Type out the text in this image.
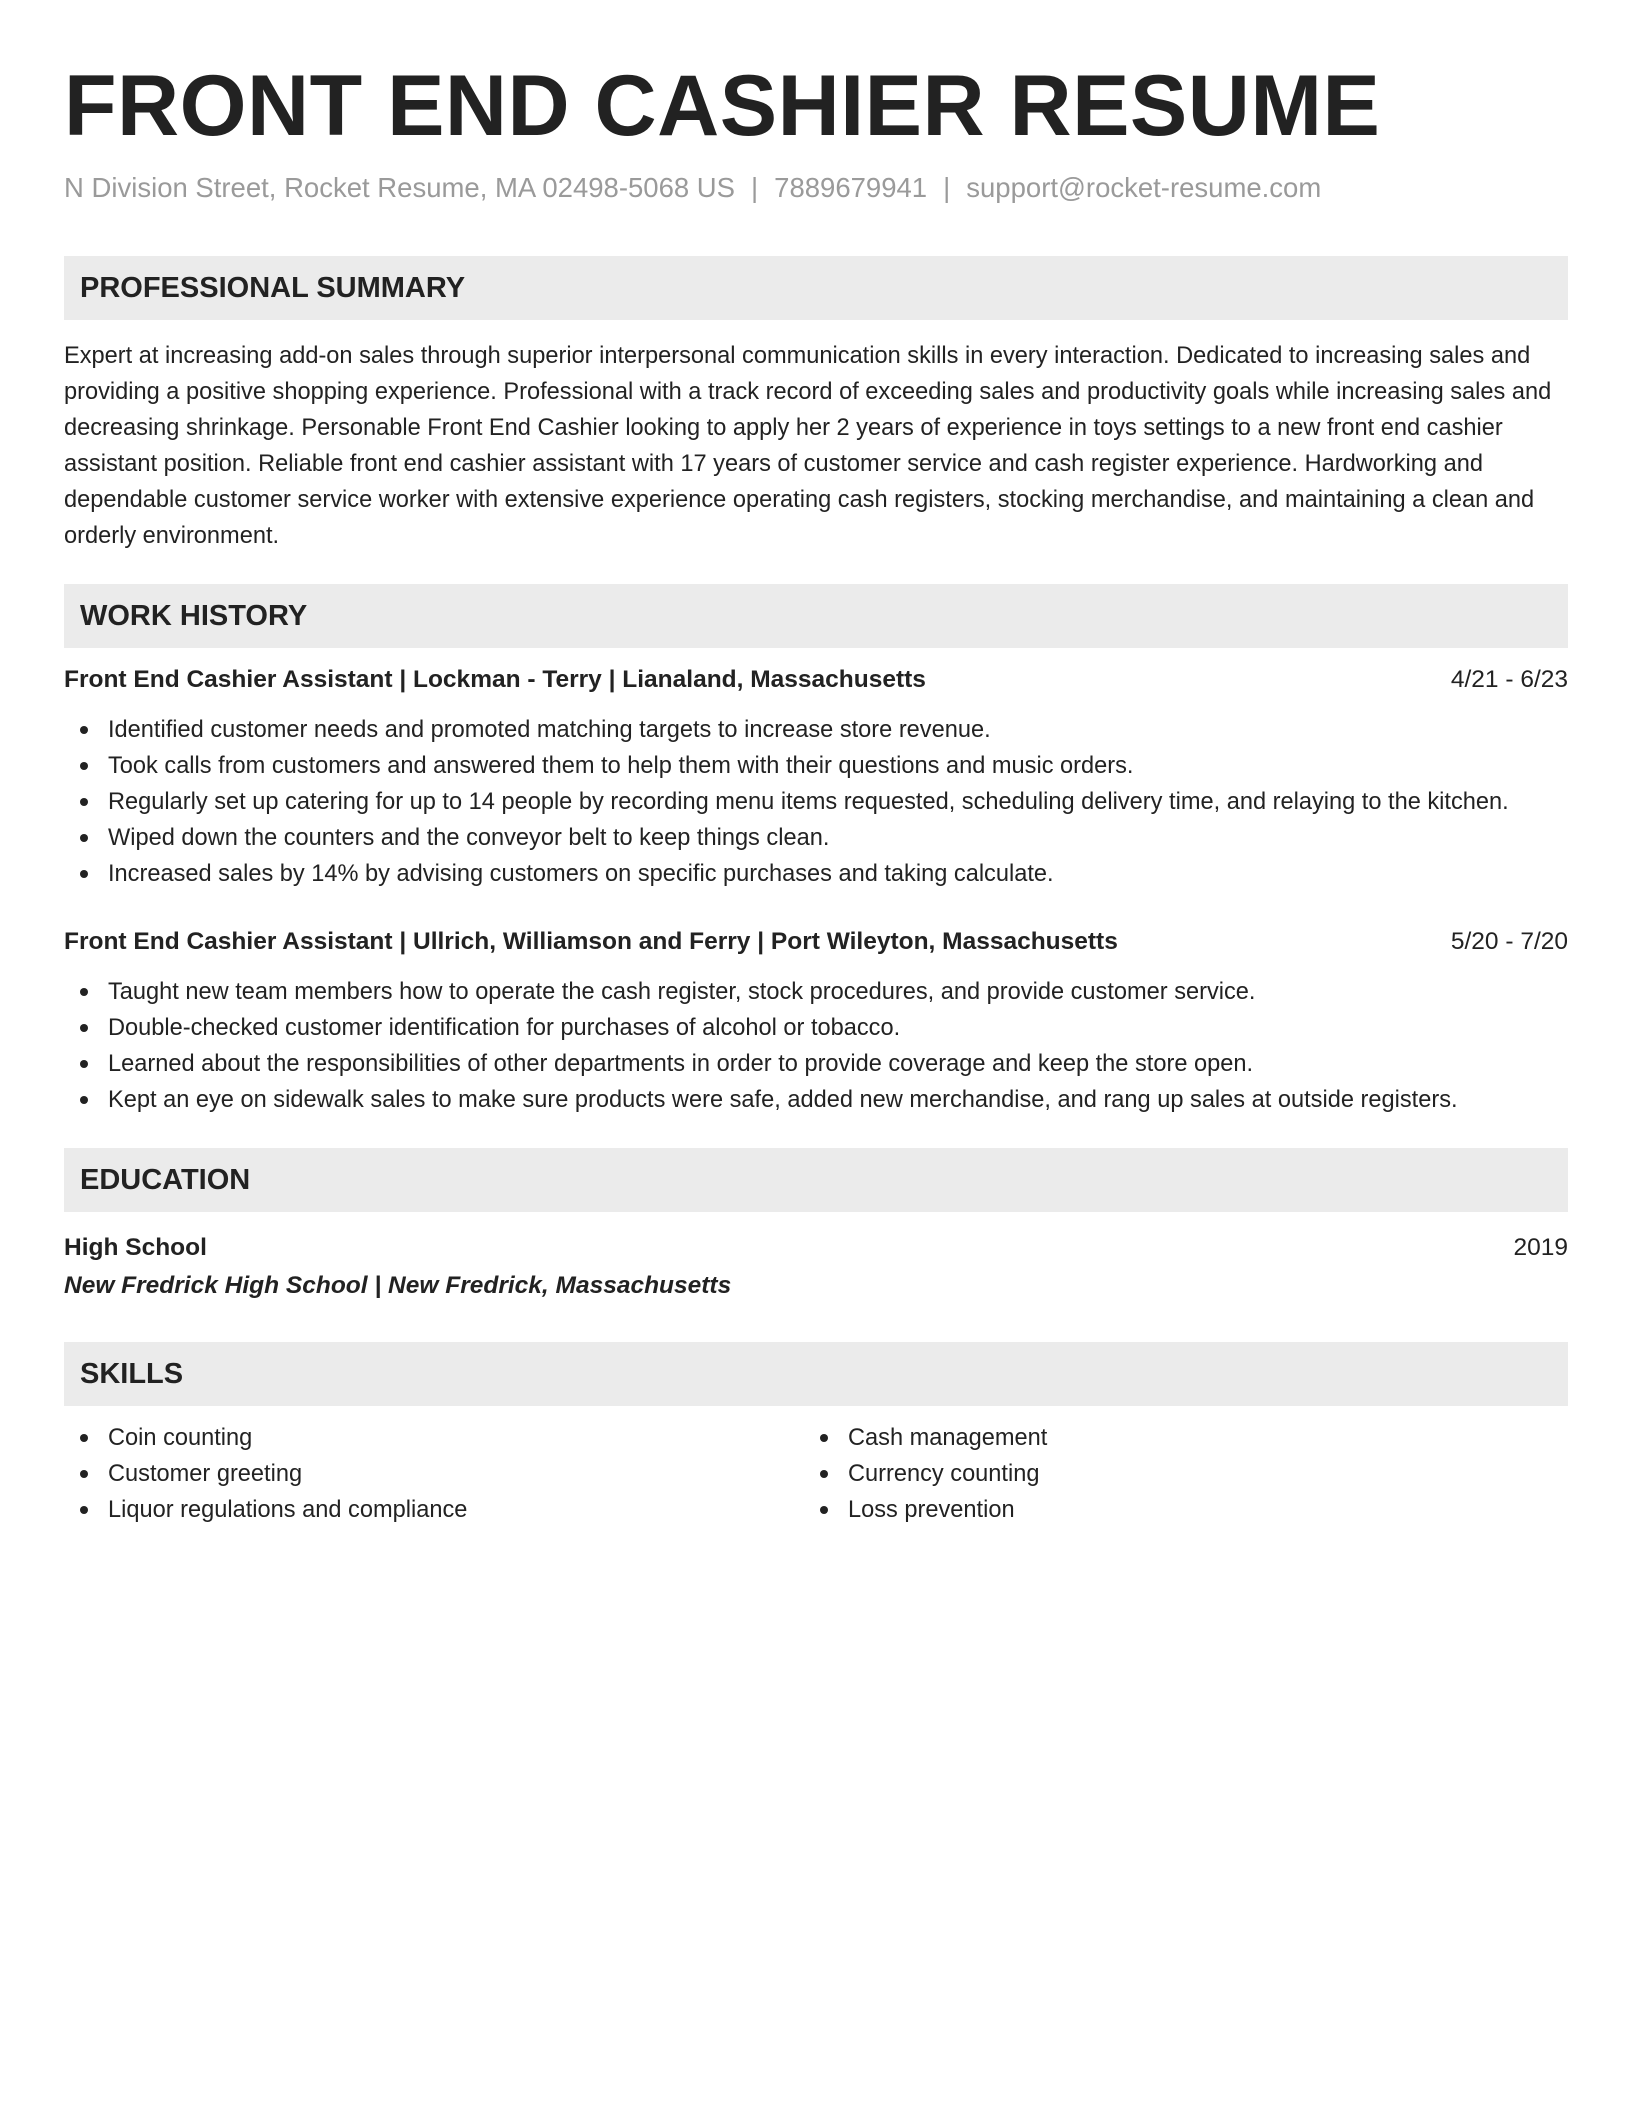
FRONT END CASHIER RESUME
N Division Street, Rocket Resume, MA 02498-5068 US | 7889679941 | support@rocket-resume.com
PROFESSIONAL SUMMARY

Expert at increasing add-on sales through superior interpersonal communication skills in every interaction. Dedicated to increasing sales and providing a positive shopping experience. Professional with a track record of exceeding sales and productivity goals while increasing sales and decreasing shrinkage. Personable Front End Cashier looking to apply her 2 years of experience in toys settings to a new front end cashier assistant position. Reliable front end cashier assistant with 17 years of customer service and cash register experience. Hardworking and dependable customer service worker with extensive experience operating cash registers, stocking merchandise, and maintaining a clean and orderly environment.

WORK HISTORY
Front End Cashier Assistant | Lockman - Terry | Lianaland, Massachusetts	4/21 - 6/23
Identified customer needs and promoted matching targets to increase store revenue.
Took calls from customers and answered them to help them with their questions and music orders.
Regularly set up catering for up to 14 people by recording menu items requested, scheduling delivery time, and relaying to the kitchen.
Wiped down the counters and the conveyor belt to keep things clean.
Increased sales by 14% by advising customers on specific purchases and taking calculate.
Front End Cashier Assistant | Ullrich, Williamson and Ferry | Port Wileyton, Massachusetts	5/20 - 7/20
Taught new team members how to operate the cash register, stock procedures, and provide customer service.
Double-checked customer identification for purchases of alcohol or tobacco.
Learned about the responsibilities of other departments in order to provide coverage and keep the store open.
Kept an eye on sidewalk sales to make sure products were safe, added new merchandise, and rang up sales at outside registers.
EDUCATION
High School	2019
New Fredrick High School | New Fredrick, Massachusetts
SKILLS
Coin counting
Customer greeting
Liquor regulations and compliance
Cash management
Currency counting
Loss prevention
